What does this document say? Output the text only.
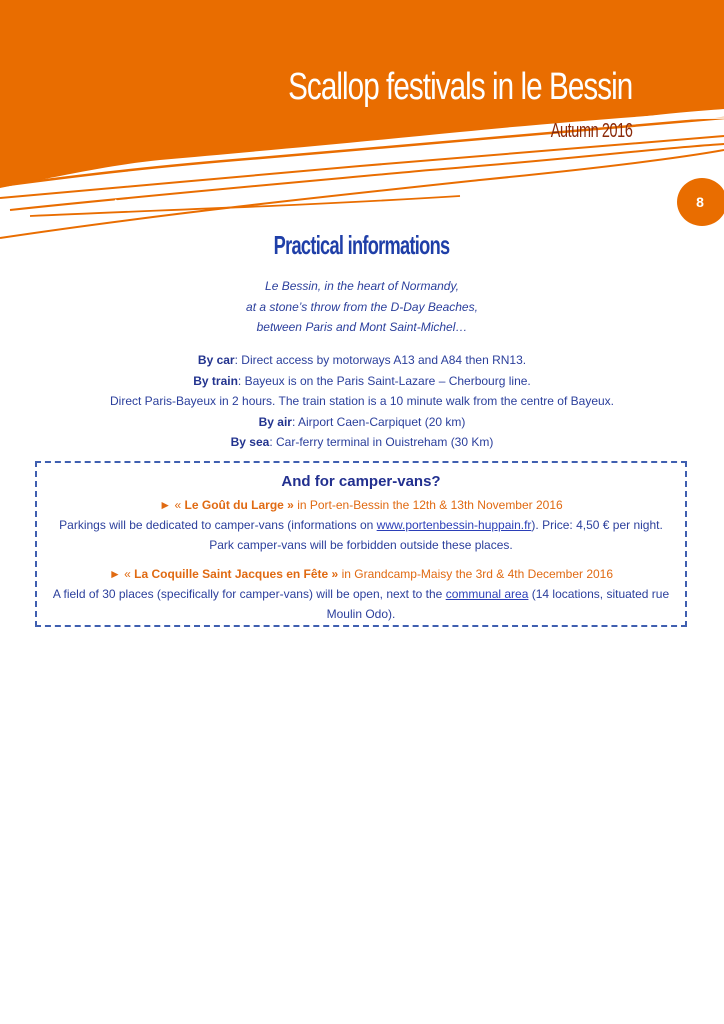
Scallop festivals in le Bessin
Autumn 2016
8
Practical informations
Le Bessin, in the heart of Normandy,
at a stone’s throw from the D-Day Beaches,
between Paris and Mont Saint-Michel…
By car: Direct access by motorways A13 and A84 then RN13.
By train: Bayeux is on the Paris Saint-Lazare – Cherbourg line.
Direct Paris-Bayeux in 2 hours. The train station is a 10 minute walk from the centre of Bayeux.
By air: Airport Caen-Carpiquet (20 km)
By sea: Car-ferry terminal in Ouistreham (30 Km)
And for camper-vans?
► « Le Goût du Large » in Port-en-Bessin the 12th & 13th November 2016
Parkings will be dedicated to camper-vans (informations on www.portenbessin-huppain.fr). Price: 4,50 € per night.
Park camper-vans will be forbidden outside these places.
► « La Coquille Saint Jacques en Fête » in Grandcamp-Maisy the 3rd & 4th December 2016
A field of 30 places (specifically for camper-vans) will be open, next to the communal area (14 locations, situated rue Moulin Odo).
